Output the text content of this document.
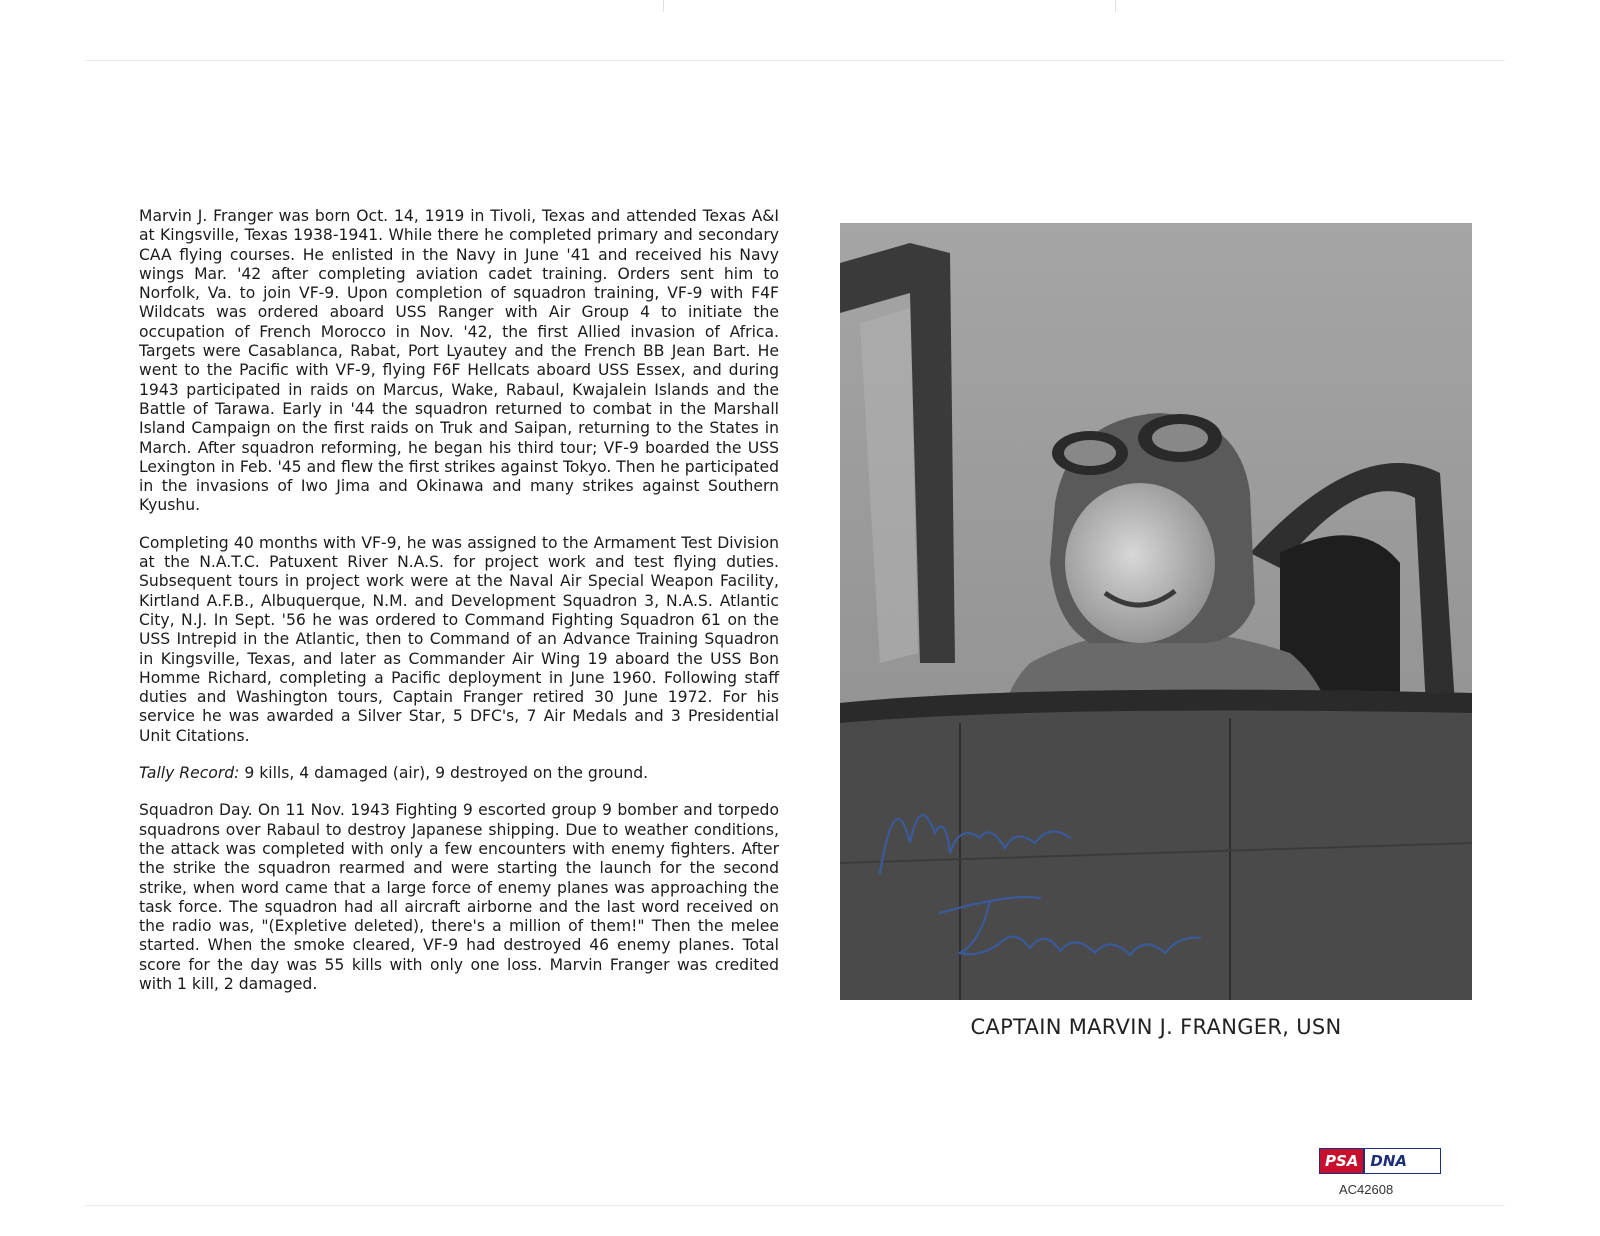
Marvin J. Franger was born Oct. 14, 1919 in Tivoli, Texas and attended Texas A&I at Kingsville, Texas 1938-1941. While there he completed primary and secondary CAA flying courses. He enlisted in the Navy in June '41 and received his Navy wings Mar. '42 after completing aviation cadet training. Orders sent him to Norfolk, Va. to join VF-9. Upon completion of squadron training, VF-9 with F4F Wildcats was ordered aboard USS Ranger with Air Group 4 to initiate the occupation of French Morocco in Nov. '42, the first Allied invasion of Africa. Targets were Casablanca, Rabat, Port Lyautey and the French BB Jean Bart. He went to the Pacific with VF-9, flying F6F Hellcats aboard USS Essex, and during 1943 participated in raids on Marcus, Wake, Rabaul, Kwajalein Islands and the Battle of Tarawa. Early in '44 the squadron returned to combat in the Marshall Island Campaign on the first raids on Truk and Saipan, returning to the States in March. After squadron reforming, he began his third tour; VF-9 boarded the USS Lexington in Feb. '45 and flew the first strikes against Tokyo. Then he participated in the invasions of Iwo Jima and Okinawa and many strikes against Southern Kyushu.

Completing 40 months with VF-9, he was assigned to the Armament Test Division at the N.A.T.C. Patuxent River N.A.S. for project work and test flying duties. Subsequent tours in project work were at the Naval Air Special Weapon Facility, Kirtland A.F.B., Albuquerque, N.M. and Development Squadron 3, N.A.S. Atlantic City, N.J. In Sept. '56 he was ordered to Command Fighting Squadron 61 on the USS Intrepid in the Atlantic, then to Command of an Advance Training Squadron in Kingsville, Texas, and later as Commander Air Wing 19 aboard the USS Bon Homme Richard, completing a Pacific deployment in June 1960. Following staff duties and Washington tours, Captain Franger retired 30 June 1972. For his service he was awarded a Silver Star, 5 DFC's, 7 Air Medals and 3 Presidential Unit Citations.

Tally Record: 9 kills, 4 damaged (air), 9 destroyed on the ground.

Squadron Day. On 11 Nov. 1943 Fighting 9 escorted group 9 bomber and torpedo squadrons over Rabaul to destroy Japanese shipping. Due to weather conditions, the attack was completed with only a few encounters with enemy fighters. After the strike the squadron rearmed and were starting the launch for the second strike, when word came that a large force of enemy planes was approaching the task force. The squadron had all aircraft airborne and the last word received on the radio was, "(Expletive deleted), there's a million of them!" Then the melee started. When the smoke cleared, VF-9 had destroyed 46 enemy planes. Total score for the day was 55 kills with only one loss. Marvin Franger was credited with 1 kill, 2 damaged.

CAPTAIN MARVIN J. FRANGER, USN
PSA DNA
AC42608
